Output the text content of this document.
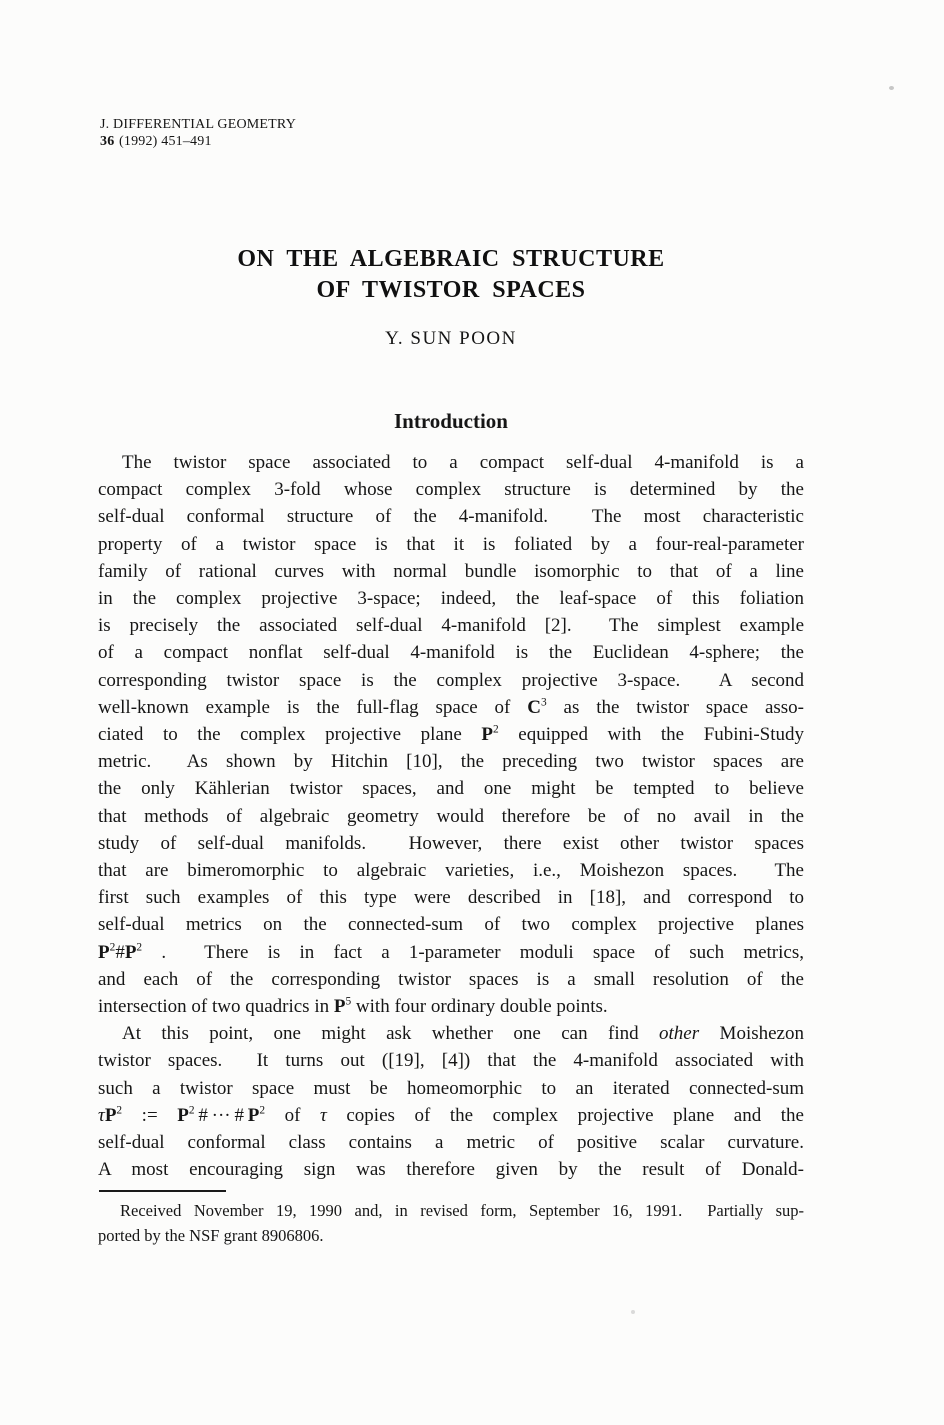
J. DIFFERENTIAL GEOMETRY
36 (1992) 451–491
ON THE ALGEBRAIC STRUCTURE
OF TWISTOR SPACES
Y. SUN POON
Introduction
The twistor space associated to a compact self-dual 4-manifold is a
compact complex 3-fold whose complex structure is determined by the
self-dual conformal structure of the 4-manifold.  The most characteristic
property of a twistor space is that it is foliated by a four-real-parameter
family of rational curves with normal bundle isomorphic to that of a line
in the complex projective 3-space; indeed, the leaf-space of this foliation
is precisely the associated self-dual 4-manifold [2].  The simplest example
of a compact nonflat self-dual 4-manifold is the Euclidean 4-sphere; the
corresponding twistor space is the complex projective 3-space.  A second
well-known example is the full-flag space of $C^3$ as the twistor space asso-
ciated to the complex projective plane $P^2$ equipped with the Fubini-Study
metric.  As shown by Hitchin [10], the preceding two twistor spaces are
the only Kählerian twistor spaces, and one might be tempted to believe
that methods of algebraic geometry would therefore be of no avail in the
study of self-dual manifolds.  However, there exist other twistor spaces
that are bimeromorphic to algebraic varieties, i.e., Moishezon spaces.  The
first such examples of this type were described in [18], and correspond to
self-dual metrics on the connected-sum of two complex projective planes
$P^2\#P^2$ .  There is in fact a 1-parameter moduli space of such metrics,
and each of the corresponding twistor spaces is a small resolution of the
intersection of two quadrics in $P^5$ with four ordinary double points.
At this point, one might ask whether one can find other Moishezon
twistor spaces.  It turns out ([19], [4]) that the 4-manifold associated with
such a twistor space must be homeomorphic to an iterated connected-sum
$\tau P^2$ := $P^2$ # ··· # $P^2$ of τ copies of the complex projective plane and the
self-dual conformal class contains a metric of positive scalar curvature.
A most encouraging sign was therefore given by the result of Donald-
Received November 19, 1990 and, in revised form, September 16, 1991.  Partially sup-
ported by the NSF grant 8906806.
